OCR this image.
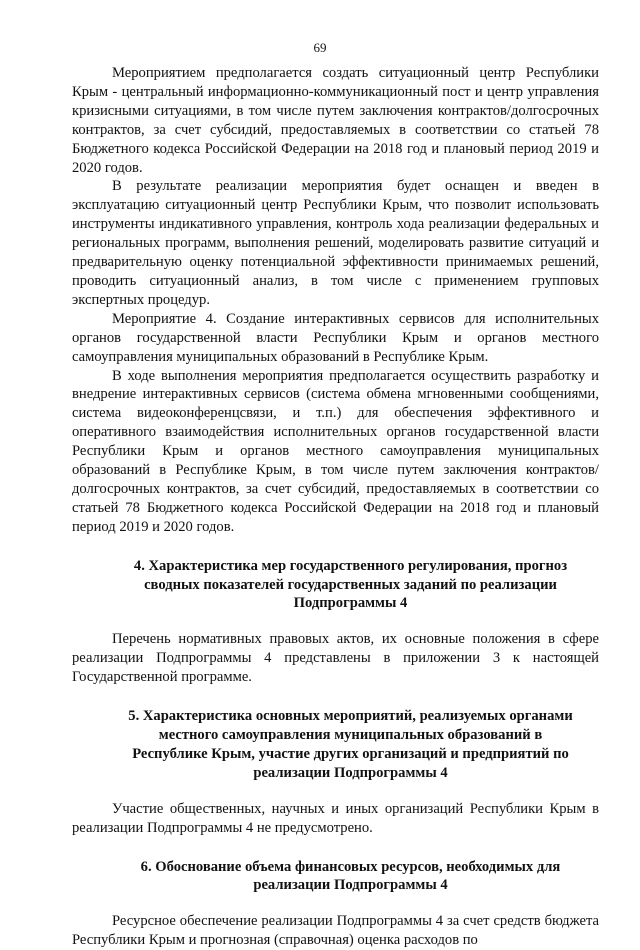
69

Мероприятием предполагается создать ситуационный центр Республики Крым - центральный информационно-коммуникационный пост и центр управления кризисными ситуациями, в том числе путем заключения контрактов/долгосрочных контрактов, за счет субсидий, предоставляемых в соответствии со статьей 78 Бюджетного кодекса Российской Федерации на 2018 год и плановый период 2019 и 2020 годов.

В результате реализации мероприятия будет оснащен и введен в эксплуатацию ситуационный центр Республики Крым, что позволит использовать инструменты индикативного управления, контроль хода реализации федеральных и региональных программ, выполнения решений, моделировать развитие ситуаций и предварительную оценку потенциальной эффективности принимаемых решений, проводить ситуационный анализ, в том числе с применением групповых экспертных процедур.

Мероприятие 4. Создание интерактивных сервисов для исполнительных органов государственной власти Республики Крым и органов местного самоуправления муниципальных образований в Республике Крым.

В ходе выполнения мероприятия предполагается осуществить разработку и внедрение интерактивных сервисов (система обмена мгновенными сообщениями, система видеоконференцсвязи, и т.п.) для обеспечения эффективного и оперативного взаимодействия исполнительных органов государственной власти Республики Крым и органов местного самоуправления муниципальных образований в Республике Крым, в том числе путем заключения контрактов/долгосрочных контрактов, за счет субсидий, предоставляемых в соответствии со статьей 78 Бюджетного кодекса Российской Федерации на 2018 год и плановый период 2019 и 2020 годов.

4. Характеристика мер государственного регулирования, прогноз сводных показателей государственных заданий по реализации Подпрограммы 4

Перечень нормативных правовых актов, их основные положения в сфере реализации Подпрограммы 4 представлены в приложении 3 к настоящей Государственной программе.

5. Характеристика основных мероприятий, реализуемых органами местного самоуправления муниципальных образований в Республике Крым, участие других организаций и предприятий по реализации Подпрограммы 4

Участие общественных, научных и иных организаций Республики Крым в реализации Подпрограммы 4 не предусмотрено.

6. Обоснование объема финансовых ресурсов, необходимых для реализации Подпрограммы 4

Ресурсное обеспечение реализации Подпрограммы 4 за счет средств бюджета Республики Крым и прогнозная (справочная) оценка расходов по
